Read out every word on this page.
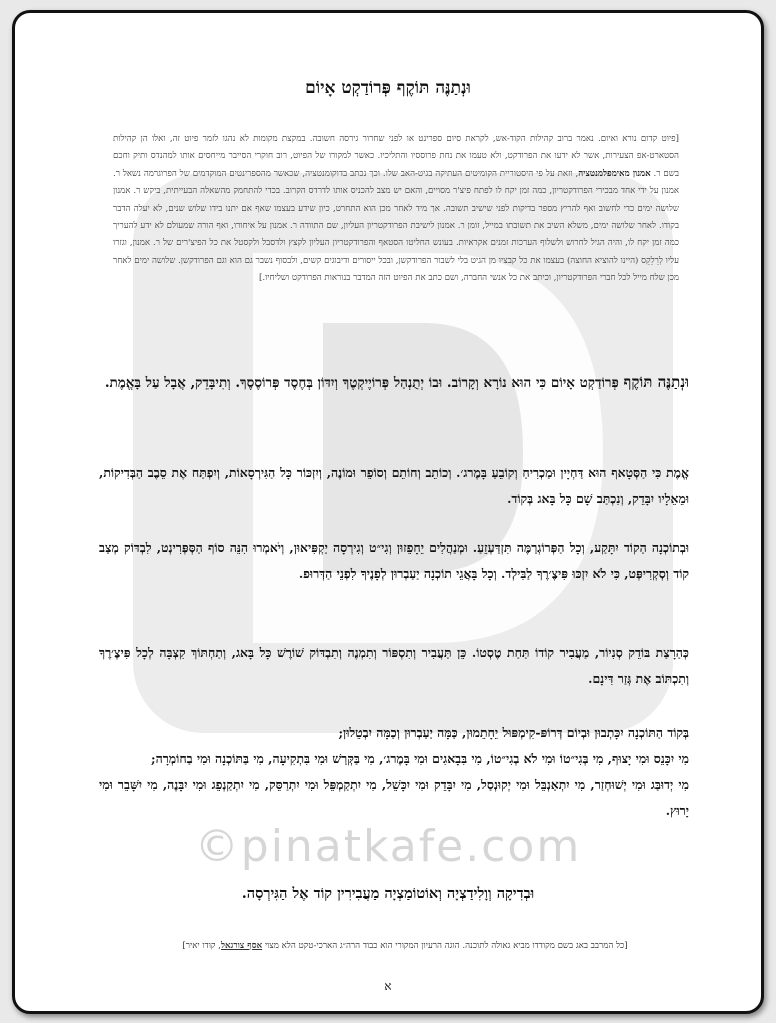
©pinatkafe.com
וּנְתַנֶּה תּוֹקֶף פְּרוֹדַקְט אָיוֹם
[פיוט קדום נורא ואיום. נאמר ברוב קהילות הקוד-אש, לקראת סיום ספרינט או לפני שחרור גירסה חשובה. במקצת מקומות לא נהגו לזמר פיוט זה, ואלו הן קהילות הסטארט-אפ הצעירות, אשר לא ידעו את הפרודקט, ולא טעמו את נחת פרוססיו והתליכיו. כאשר למקורו של הפיוט, רוב חוקרי הסייבר מייחסים אותו למהנדס ותיק וחכם בשם ר. אמנון מאימפלמנטציה, וזאת על פי היסטוריית הקומיטים העתיקה בגיט-האב שלו. וכך נכתב בדוקומנטציה, שכאשר מהספרינטים המוקדמים של הפרוגרמה נשאל ר. אמנון על ידי אחד מבכירי הפרודקטריון, כמה זמן יקח לו לפתח פיצ'ר מסויים, והאם יש מצב להכניס אותו לדרדס הקרוב. בכדי להתחמק מהשאלה הבעייתית, ביקש ר. אמנון שלושה ימים כדי לחשוב ואף להריץ מספר בדיקות לפני שישיב תשובה. אך מיד לאחר מכן הוא התחרט, כיון שידע בעצמו שאף אם יתנו בידו שלוש שנים, לא יעלה הדבר בקודו. לאחר שלושה ימים, משלא השיב את תשובתו במייל, זומן ר. אמנון לישיבת הפרודקטריון העליון, שם התוודה ר. אמנון על איחורו, ואף הורה שמעולם לא ידע להעריך כמה זמן יקח לו, והיה הגיל לחרוש ולשלוף הערכות זמנים אקראיות. בעונש החליטו הסטאף והפרודקטריון העליון לקצץ ולדסבל ולקסטל את כל הפיצ'רים של ר. אמנון, וגזרו עליו לְרֵלֵקֵס (היינו להוציא החוצה) בעצמו את כל קבציו מן הגיט בלי לשבור הפרודקשן, ובכל ייסורים ודיבוגים קשים, ולבסוף נשבר גם הוא וגם הפרודקשן. שלושה ימים לאחר מכן שלח מייל לכל חברי הפרודקטריון, וכיתב את כל אנשי החברה, ושם כתב את הפיוט הזה המדבר בנוראות הפרודקט ושליחיו.]
וּנְתַנֶּה תּוֹקֶף פְּרוֹדַקְט אָיוֹם כִּי הוּא נוֹרָא וְקָרוֹב. וּבוֹ יְתֻנְהַל פְּרוֹיֶיקְטֶךָ וְיִדּוֹן בְּחֶסֶד פְּרוֹסֶסֶךָ. וְתִיבָּדֵק, אֲבָל עַל בָּאֱמֶת.
אֱמֶת כִּי הַסְּטָאף הוּא דַּחְיָין וּמַכְרִיחַ וְקוֹבֵעַ בָּמֶרג׳. וְכוֹתֵב וְחוֹתֵם וְסוֹפֵר וּמוֹנֶה, וְיִזְכּוֹר כָּל הַגִּירְסָאוֹת, וְיִפְתַּח אֶת סֵבֶב הַבְּדִיקוֹת, וּמֵאֵלָיו יִבָּדֵק, וְנִכְתַּב שָׁם כָּל בָּאג בְּקוֹד.
וּבְתוֹכְנָה הַקוֹד יִתָּקַע, וְכָל הַפְּרוֹגְרַמֶּה תִּזְדַּעְזֵעַ. וּמְנַהֲלִים יֵחָפֵזוּן וְגִי״ט וְגִירְסָה יַקְפִּיאוּן, וְיֹאמְרוּ הִנֵּה סוֹף הַסְּפְּרִינְט, לִבְדּוֹק מְצַב קוֹד וְסְקְרִיפְּט, כִּי לֹא יִזְכּוּ פִּיצֶ׳רֶךָ לַבִּילְד. וְכָל בָּאֲגֵי תוֹכְנָה יַעַבְרוּן לְפָנֶיךָ לִפְנֵי הַדְּרוּפ.
כְּהַרָצַת בּוֹדֵק סְנִיוֹר, מַעֲבִיר קוֹדוֹ תַּחַת טֶסְטוֹ. כֵּן תַּעֲבִיר וְתִסְפּוֹר וְתִמְנֶה וְתִבְדּוֹק שׁוֹרֶשׁ כָּל בָּאג, וְתַחְתּוֹךְ קִצְבָּה לְכָל פִּיצֶ׳רֶךָ וְתִכְתּוֹב אֶת גְּזַר דִּינָם.
בְּקוֹד הַתּוֹכְנָה יִכָּתְבוּן וּבְיוֹם דְּרוֹפּ-קִימְפּוּל יֵחָתֵמוּן, כַּמָּה יַעַבְרוּן וְכַמָּה יִבְטֵלוּן;
מִי יִכָּנֵס וּמִי יָצוּף, מִי בְּגִי״טוֹ וּמִי לֹא בְגִי״טוֹ, מִי בִּבָאגִים וּמִי בָּמֶרג׳, מִי בַּקְּרַשׁ וּמִי בִּתְקִיעָה, מִי בַּתּוֹכְנָה וּמִי בַחוֹמְרָה;
מִי יְדוּבַּג וּמִי יְשׁוּחְזַר, מִי יִתְאַנְבֵּל וּמִי יְקוּנְסַל, מִי יִבָּדֵק וּמִי יִכָּשֵׁל, מִי יִתְקַמְפֵּל וּמִי יִתְרַסֵּק, מִי יִתְקַנְפֵג וּמִי יִבָּנֶה, מִי יִשָּׁבֵר וּמִי יָרוּץ.
וּבְדִיקָה וְוָלִידַצְיָה וְאוֹטוֹמַצְיָה מַעֲבִירִין קוֹד אֶל הַגִּירְסָה.
[כל המרבב באג בשם מקודדו מביא גאולה לתוכנה. הוגה הרעיון המקורי הוא כבוד הרה״ג הארכי-טקט הלא מצוי אסף צורגאל, קודו יאיר]
א
